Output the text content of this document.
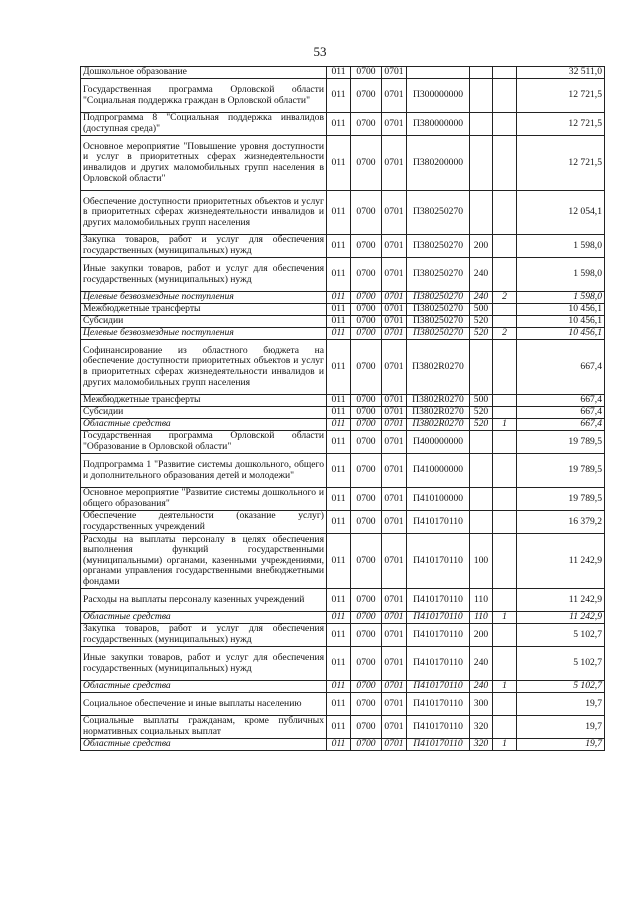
53
Дошкольное образование	011	0700	0701				32 511,0
Государственная программа Орловской области "Социальная поддержка граждан в Орловской области"	011	0700	0701	П300000000			12 721,5
Подпрограмма 8 "Социальная поддержка инвалидов (доступная среда)"	011	0700	0701	П380000000			12 721,5
Основное мероприятие "Повышение уровня доступности и услуг в приоритетных сферах жизнедеятельности инвалидов и других маломобильных групп населения в Орловской области"	011	0700	0701	П380200000			12 721,5
Обеспечение доступности приоритетных объектов и услуг в приоритетных сферах жизнедеятельности инвалидов и других маломобильных групп населения	011	0700	0701	П380250270			12 054,1
Закупка товаров, работ и услуг для обеспечения государственных (муниципальных) нужд	011	0700	0701	П380250270	200		1 598,0
Иные закупки товаров, работ и услуг для обеспечения государственных (муниципальных) нужд	011	0700	0701	П380250270	240		1 598,0
Целевые безвозмездные поступления	011	0700	0701	П380250270	240	2	1 598,0
Межбюджетные трансферты	011	0700	0701	П380250270	500		10 456,1
Субсидии	011	0700	0701	П380250270	520		10 456,1
Целевые безвозмездные поступления	011	0700	0701	П380250270	520	2	10 456,1
Софинансирование из областного бюджета на обеспечение доступности приоритетных объектов и услуг в приоритетных сферах жизнедеятельности инвалидов и других маломобильных групп населения	011	0700	0701	П3802R0270			667,4
Межбюджетные трансферты	011	0700	0701	П3802R0270	500		667,4
Субсидии	011	0700	0701	П3802R0270	520		667,4
Областные средства	011	0700	0701	П3802R0270	520	1	667,4
Государственная программа Орловской области "Образование в Орловской области"	011	0700	0701	П400000000			19 789,5
Подпрограмма 1 "Развитие системы дошкольного, общего и дополнительного образования детей и молодежи"	011	0700	0701	П410000000			19 789,5
Основное мероприятие "Развитие системы дошкольного и общего образования"	011	0700	0701	П410100000			19 789,5
Обеспечение деятельности (оказание услуг) государственных учреждений	011	0700	0701	П410170110			16 379,2
Расходы на выплаты персоналу в целях обеспечения выполнения функций государственными (муниципальными) органами, казенными учреждениями, органами управления государственными внебюджетными фондами	011	0700	0701	П410170110	100		11 242,9
Расходы на выплаты персоналу казенных учреждений	011	0700	0701	П410170110	110		11 242,9
Областные средства	011	0700	0701	П410170110	110	1	11 242,9
Закупка товаров, работ и услуг для обеспечения государственных (муниципальных) нужд	011	0700	0701	П410170110	200		5 102,7
Иные закупки товаров, работ и услуг для обеспечения государственных (муниципальных) нужд	011	0700	0701	П410170110	240		5 102,7
Областные средства	011	0700	0701	П410170110	240	1	5 102,7
Социальное обеспечение и иные выплаты населению	011	0700	0701	П410170110	300		19,7
Социальные выплаты гражданам, кроме публичных нормативных социальных выплат	011	0700	0701	П410170110	320		19,7
Областные средства	011	0700	0701	П410170110	320	1	19,7
